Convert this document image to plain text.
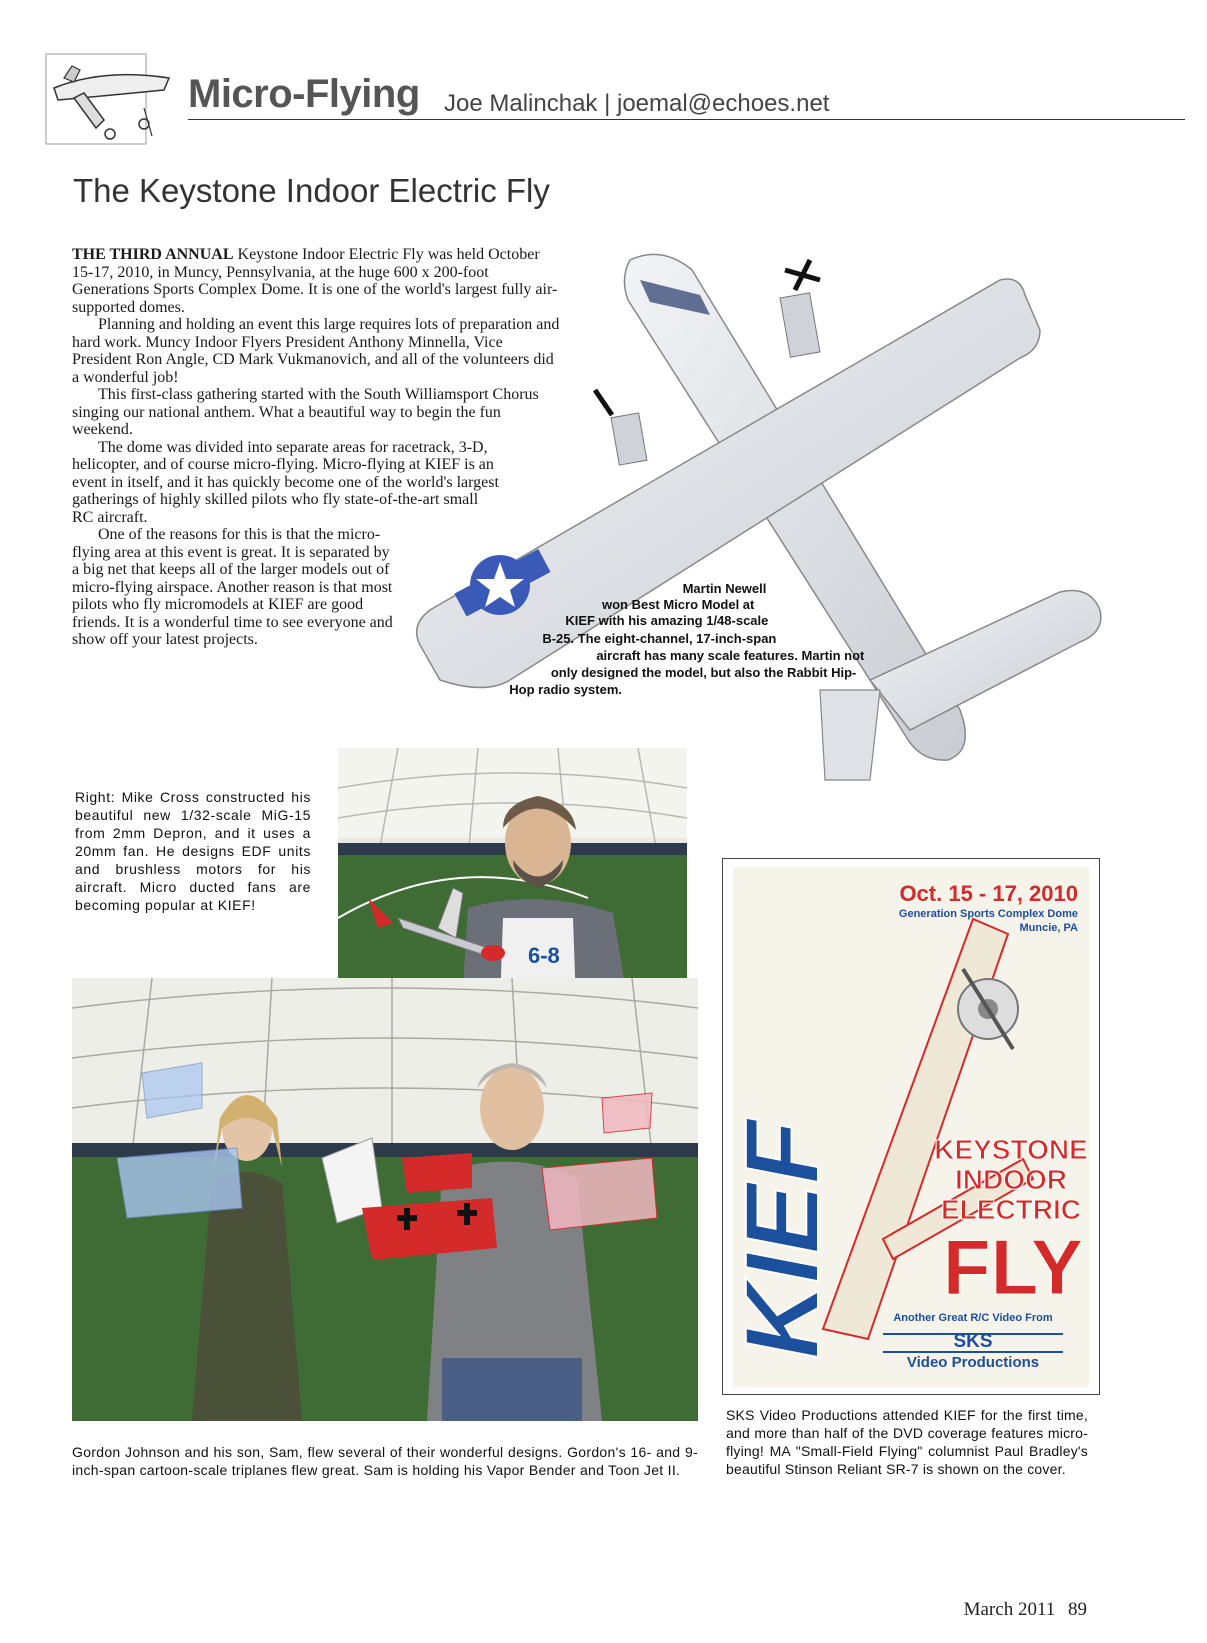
Micro-Flying Joe Malinchak | joemal@echoes.net
The Keystone Indoor Electric Fly
Martin Newell won Best Micro Model at KIEF with his amazing 1/48-scale B-25. The eight-channel, 17-inch-span aircraft has many scale features. Martin not only designed the model, but also the Rabbit Hip- Hop radio system.

THE THIRD ANNUAL Keystone Indoor Electric Fly was held October 15-17, 2010, in Muncy, Pennsylvania, at the huge 600 x 200-foot Generations Sports Complex Dome. It is one of the world's largest fully air-supported domes.

Planning and holding an event this large requires lots of preparation and hard work. Muncy Indoor Flyers President Anthony Minnella, Vice President Ron Angle, CD Mark Vukmanovich, and all of the volunteers did a wonderful job!

This first-class gathering started with the South Williamsport Chorus singing our national anthem. What a beautiful way to begin the fun weekend.

The dome was divided into separate areas for racetrack, 3-D, helicopter, and of course micro-flying. Micro-flying at KIEF is an event in itself, and it has quickly become one of the world's largest gatherings of highly skilled pilots who fly state-of-the-art small RC aircraft.

One of the reasons for this is that the micro-flying area at this event is great. It is separated by a big net that keeps all of the larger models out of micro-flying airspace. Another reason is that most pilots who fly micromodels at KIEF are good friends. It is a wonderful time to see everyone and show off your latest projects.

Right: Mike Cross constructed his beautiful new 1/32-scale MiG-15 from 2mm Depron, and it uses a 20mm fan. He designs EDF units and brushless motors for his aircraft. Micro ducted fans are becoming popular at KIEF!
6-8
Gordon Johnson and his son, Sam, flew several of their wonderful designs. Gordon's 16- and 9-inch-span cartoon-scale triplanes flew great. Sam is holding his Vapor Bender and Toon Jet II.
KIEF
Oct. 15 - 17, 2010
Generation Sports Complex Dome
Muncie, PA
KEYSTONE
INDOOR
ELECTRIC
FLY
Another Great R/C Video From
SKS
Video Productions
SKS Video Productions attended KIEF for the first time, and more than half of the DVD coverage features micro-flying! MA "Small-Field Flying" columnist Paul Bradley's beautiful Stinson Reliant SR-7 is shown on the cover.
March 2011 89
